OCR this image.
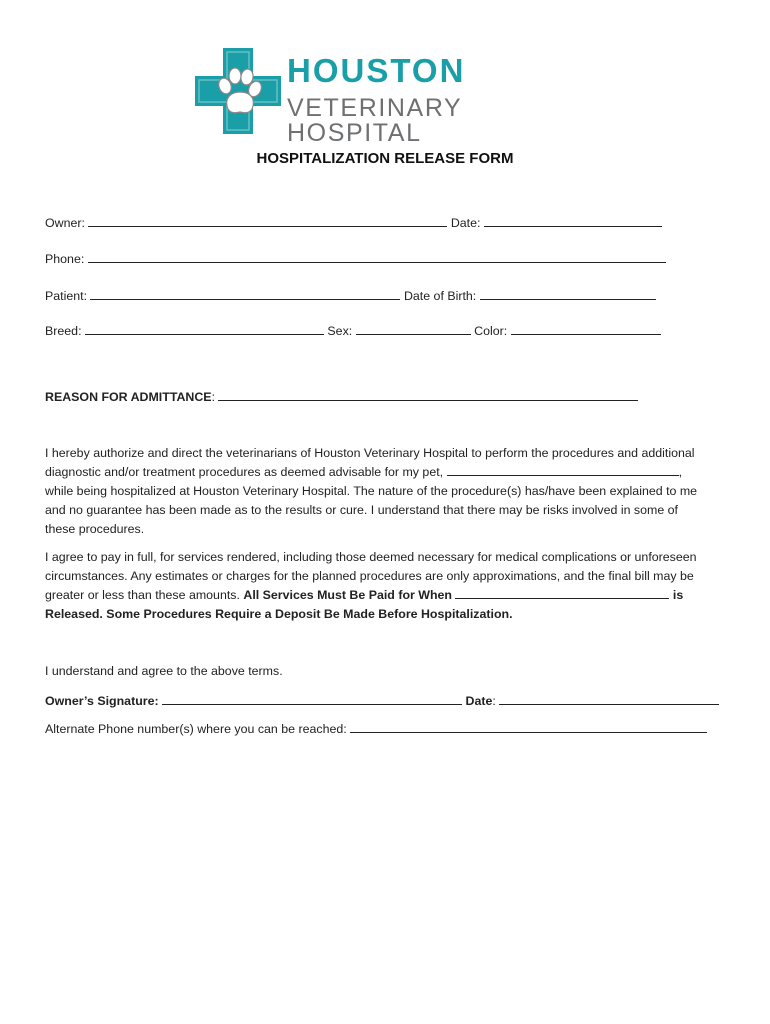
HOUSTON
VETERINARY HOSPITAL
HOSPITALIZATION RELEASE FORM
Owner:	Date:
Phone:
Patient:	Date of Birth:
Breed:	Sex:	Color:
REASON FOR ADMITTANCE:
I hereby authorize and direct the veterinarians of Houston Veterinary Hospital to perform the procedures and additional
diagnostic and/or treatment procedures as deemed advisable for my pet,	,
while being hospitalized at Houston Veterinary Hospital. The nature of the procedure(s) has/have been explained to me
and no guarantee has been made as to the results or cure. I understand that there may be risks involved in some of
these procedures.
I agree to pay in full, for services rendered, including those deemed necessary for medical complications or unforeseen
circumstances. Any estimates or charges for the planned procedures are only approximations, and the final bill may be
greater or less than these amounts. All Services Must Be Paid for When	is
Released. Some Procedures Require a Deposit Be Made Before Hospitalization.
I understand and agree to the above terms.
Owner’s Signature:	Date:
Alternate Phone number(s) where you can be reached:
